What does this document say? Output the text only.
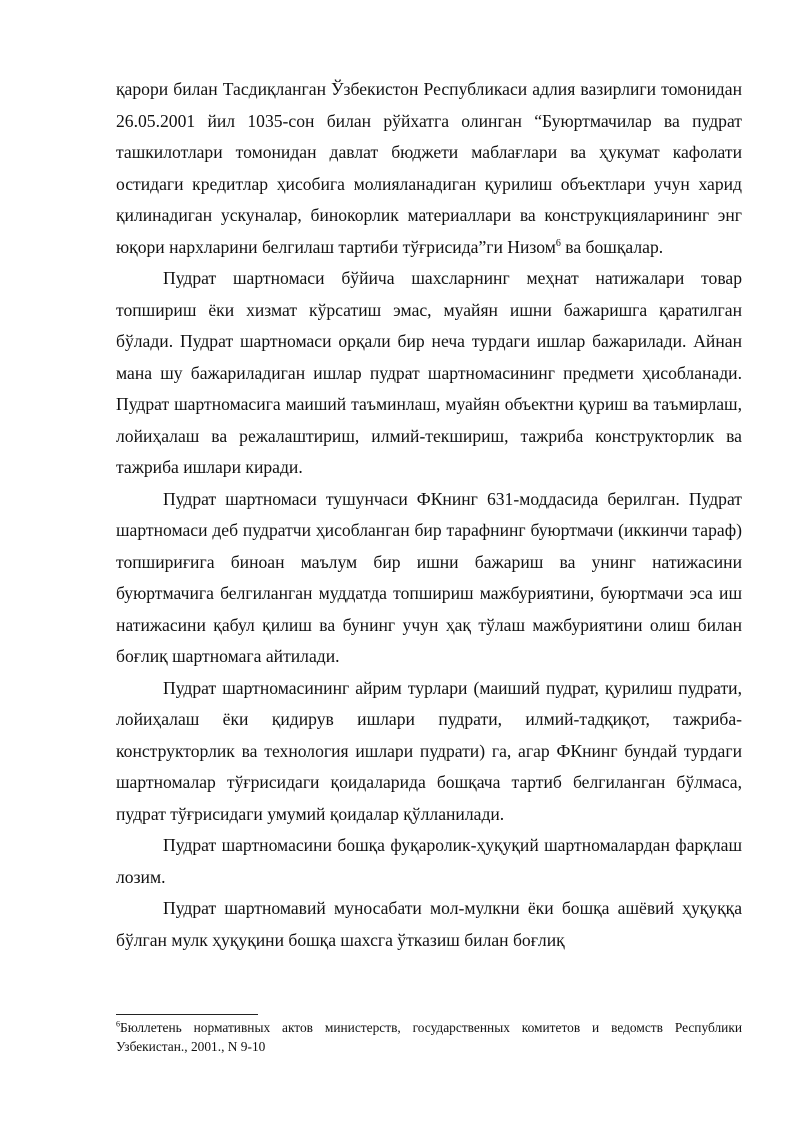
қарори билан Тасдиқланган Ўзбекистон Республикаси адлия вазирлиги томонидан 26.05.2001 йил 1035-сон билан рўйхатга олинган “Буюртмачилар ва пудрат ташкилотлари томонидан давлат бюджети маблағлари ва ҳукумат кафолати остидаги кредитлар ҳисобига молияланадиган қурилиш объектлари учун харид қилинадиган ускуналар, бинокорлик материаллари ва конструкцияларининг энг юқори нархларини белгилаш тартиби тўғрисида”ги Низом$^6$ ва бошқалар.

Пудрат шартномаси бўйича шахсларнинг меҳнат натижалари товар топшириш ёки хизмат кўрсатиш эмас, муайян ишни бажаришга қаратилган бўлади. Пудрат шартномаси орқали бир неча турдаги ишлар бажарилади. Айнан мана шу бажариладиган ишлар пудрат шартномасининг предмети ҳисобланади. Пудрат шартномасига маиший таъминлаш, муайян объектни қуриш ва таъмирлаш, лойиҳалаш ва режалаштириш, илмий-текшириш, тажриба конструкторлик ва тажриба ишлари киради.

Пудрат шартномаси тушунчаси ФКнинг 631-моддасида берилган. Пудрат шартномаси деб пудратчи ҳисобланган бир тарафнинг буюртмачи (иккинчи тараф) топшириғига биноан маълум бир ишни бажариш ва унинг натижасини буюртмачига белгиланган муддатда топшириш мажбуриятини, буюртмачи эса иш натижасини қабул қилиш ва бунинг учун ҳақ тўлаш мажбуриятини олиш билан боғлиқ шартномага айтилади.

Пудрат шартномасининг айрим турлари (маиший пудрат, қурилиш пудрати, лойиҳалаш ёки қидирув ишлари пудрати, илмий-тадқиқот, тажриба-конструкторлик ва технология ишлари пудрати) га, агар ФКнинг бундай турдаги шартномалар тўғрисидаги қоидаларида бошқача тартиб белгиланган бўлмаса, пудрат тўғрисидаги умумий қоидалар қўлланилади.

Пудрат шартномасини бошқа фуқаролик-ҳуқуқий шартномалардан фарқлаш лозим.

Пудрат шартномавий муносабати мол-мулкни ёки бошқа ашёвий ҳуқуққа бўлган мулк ҳуқуқини бошқа шахсга ўтказиш билан боғлиқ

$^6$Бюллетень нормативных актов министерств, государственных комитетов и ведомств Республики Узбекистан., 2001., N 9-10
